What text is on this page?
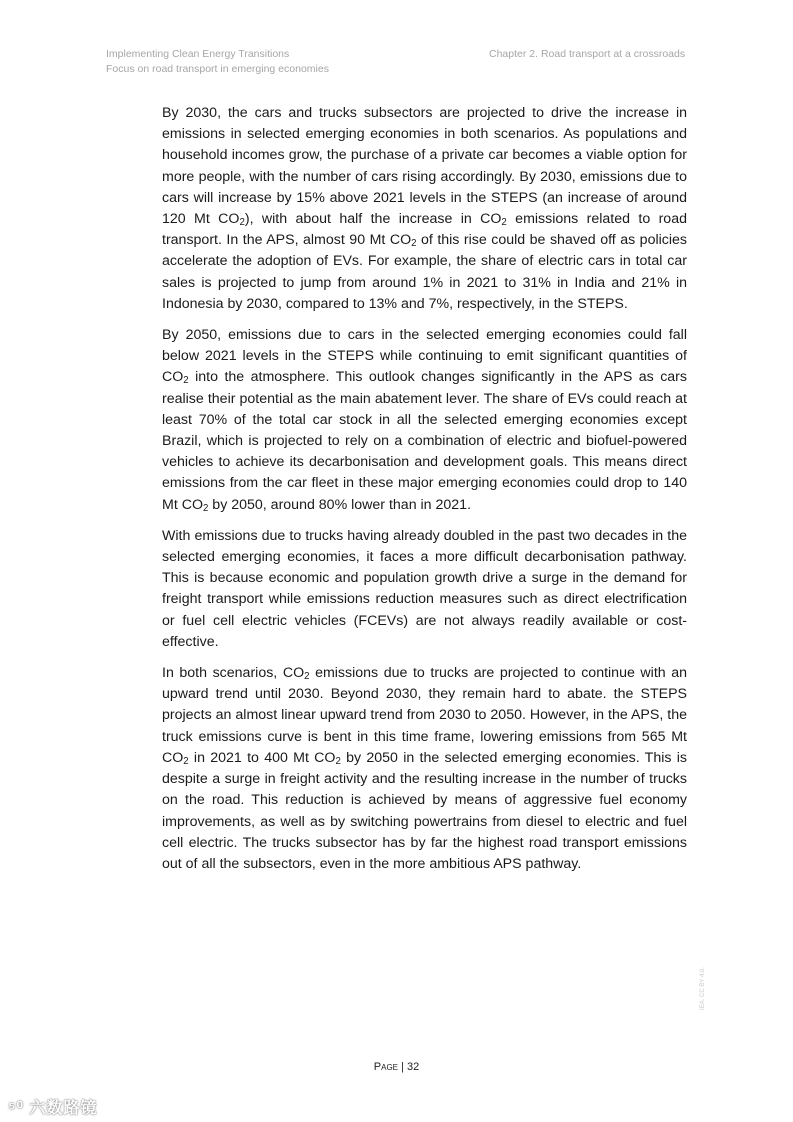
Implementing Clean Energy Transitions
Focus on road transport in emerging economies
Chapter 2. Road transport at a crossroads

By 2030, the cars and trucks subsectors are projected to drive the increase in emissions in selected emerging economies in both scenarios. As populations and household incomes grow, the purchase of a private car becomes a viable option for more people, with the number of cars rising accordingly. By 2030, emissions due to cars will increase by 15% above 2021 levels in the STEPS (an increase of around 120 Mt $CO_2$), with about half the increase in $CO_2$ emissions related to road transport. In the APS, almost 90 Mt $CO_2$ of this rise could be shaved off as policies accelerate the adoption of EVs. For example, the share of electric cars in total car sales is projected to jump from around 1% in 2021 to 31% in India and 21% in Indonesia by 2030, compared to 13% and 7%, respectively, in the STEPS.

By 2050, emissions due to cars in the selected emerging economies could fall below 2021 levels in the STEPS while continuing to emit significant quantities of $CO_2$ into the atmosphere. This outlook changes significantly in the APS as cars realise their potential as the main abatement lever. The share of EVs could reach at least 70% of the total car stock in all the selected emerging economies except Brazil, which is projected to rely on a combination of electric and biofuel-powered vehicles to achieve its decarbonisation and development goals. This means direct emissions from the car fleet in these major emerging economies could drop to 140 Mt $CO_2$ by 2050, around 80% lower than in 2021.

With emissions due to trucks having already doubled in the past two decades in the selected emerging economies, it faces a more difficult decarbonisation pathway. This is because economic and population growth drive a surge in the demand for freight transport while emissions reduction measures such as direct electrification or fuel cell electric vehicles (FCEVs) are not always readily available or cost-effective.

In both scenarios, $CO_2$ emissions due to trucks are projected to continue with an upward trend until 2030. Beyond 2030, they remain hard to abate. the STEPS projects an almost linear upward trend from 2030 to 2050. However, in the APS, the truck emissions curve is bent in this time frame, lowering emissions from 565 Mt $CO_2$ in 2021 to 400 Mt $CO_2$ by 2050 in the selected emerging economies. This is despite a surge in freight activity and the resulting increase in the number of trucks on the road. This reduction is achieved by means of aggressive fuel economy improvements, as well as by switching powertrains from diesel to electric and fuel cell electric. The trucks subsector has by far the highest road transport emissions out of all the subsectors, even in the more ambitious APS pathway.

IEA. CC BY 4.0.
Page | 32
⁵⁰ 六数路镜
